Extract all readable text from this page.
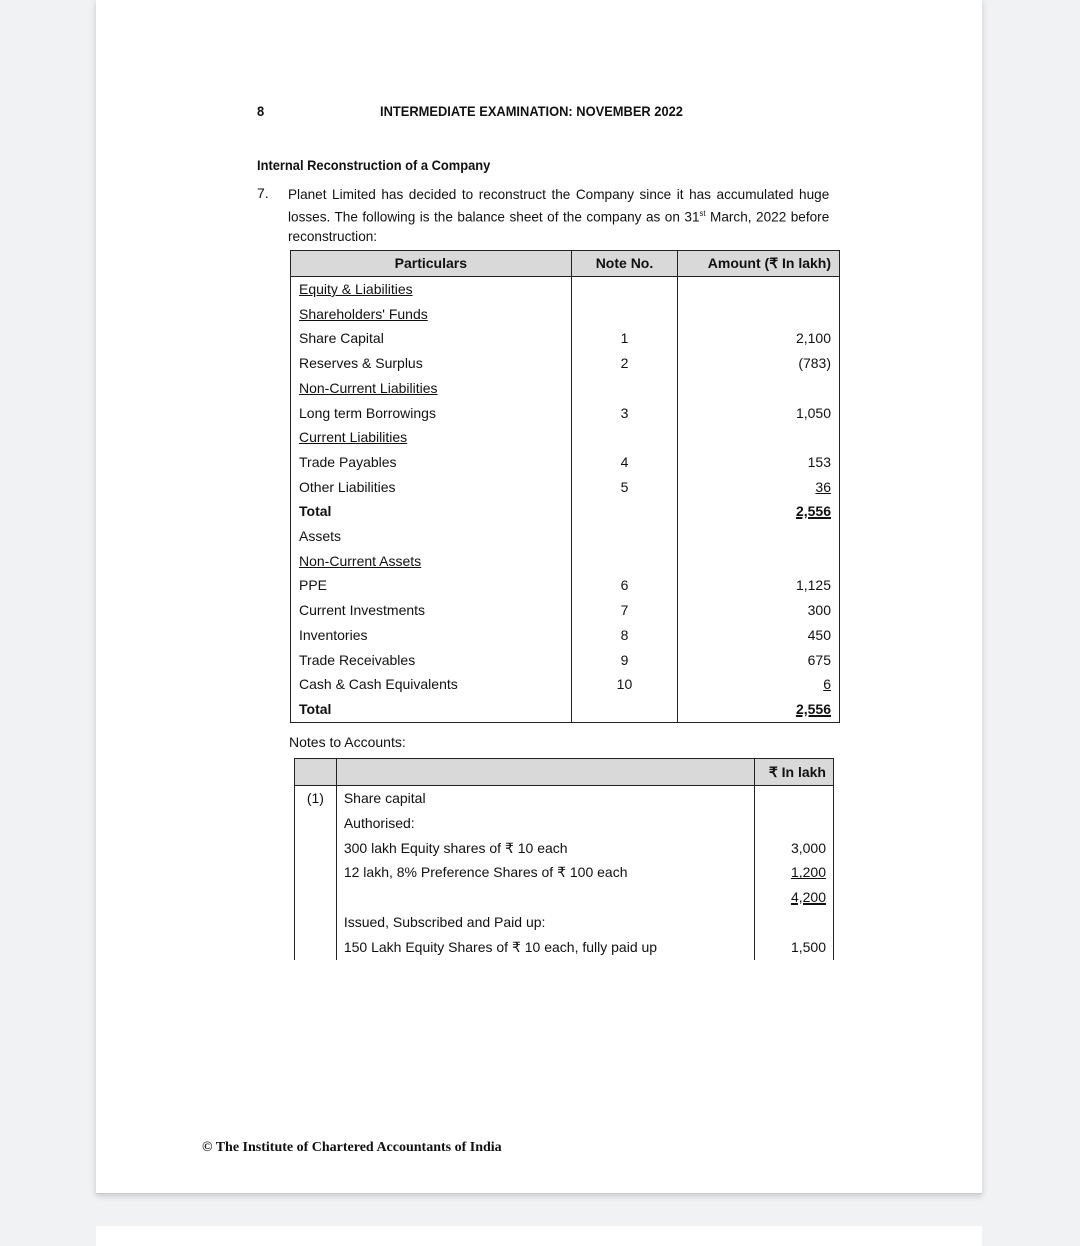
8	INTERMEDIATE EXAMINATION: NOVEMBER 2022
Internal Reconstruction of a Company
7. Planet Limited has decided to reconstruct the Company since it has accumulated huge losses. The following is the balance sheet of the company as on 31st March, 2022 before reconstruction:
Particulars	Note No.	Amount (₹ In lakh)
Equity & Liabilities		
Shareholders' Funds		
Share Capital	1	2,100
Reserves & Surplus	2	(783)
Non-Current Liabilities		
Long term Borrowings	3	1,050
Current Liabilities		
Trade Payables	4	153
Other Liabilities	5	36
Total		2,556
Assets		
Non-Current Assets		
PPE	6	1,125
Current Investments	7	300
Inventories	8	450
Trade Receivables	9	675
Cash & Cash Equivalents	10	6
Total		2,556
Notes to Accounts:
		₹ In lakh
(1)	Share capital	
	Authorised:	
	300 lakh Equity shares of ₹ 10 each	3,000
	12 lakh, 8% Preference Shares of ₹ 100 each	1,200
		4,200
	Issued, Subscribed and Paid up:	
	150 Lakh Equity Shares of ₹ 10 each, fully paid up	1,500
© The Institute of Chartered Accountants of India
